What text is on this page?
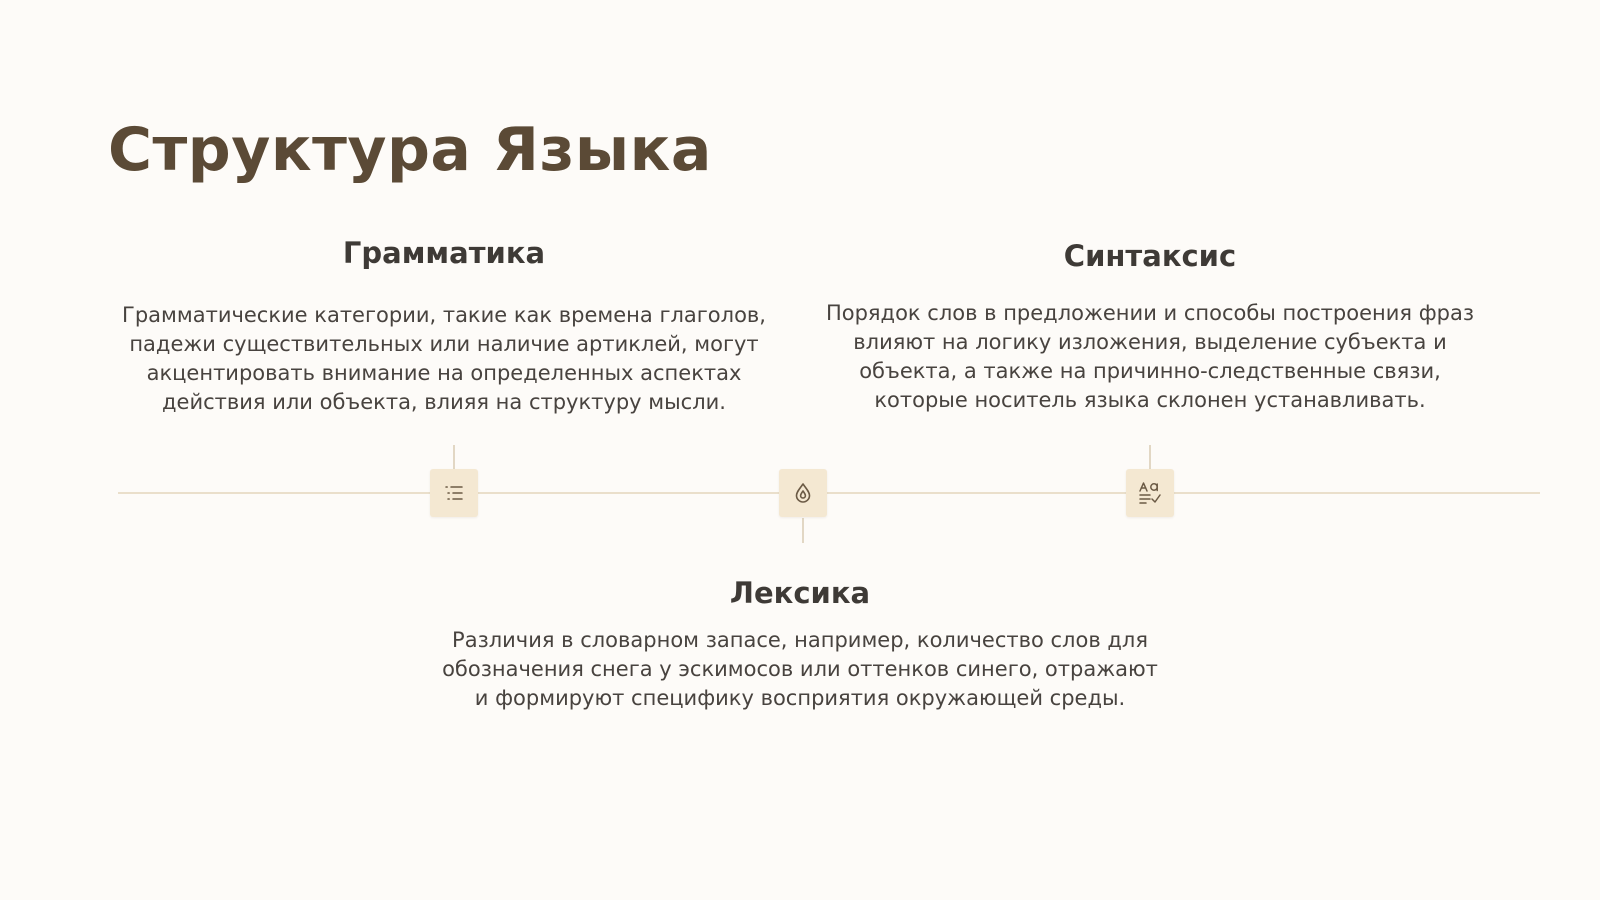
Структура Языка
Грамматика

Грамматические категории, такие как времена глаголов, падежи существительных или наличие артиклей, могут акцентировать внимание на определенных аспектах действия или объекта, влияя на структуру мысли.

Синтаксис

Порядок слов в предложении и способы построения фраз влияют на логику изложения, выделение субъекта и объекта, а также на причинно-следственные связи, которые носитель языка склонен устанавливать.

Лексика

Различия в словарном запасе, например, количество слов для обозначения снега у эскимосов или оттенков синего, отражают и формируют специфику восприятия окружающей среды.
